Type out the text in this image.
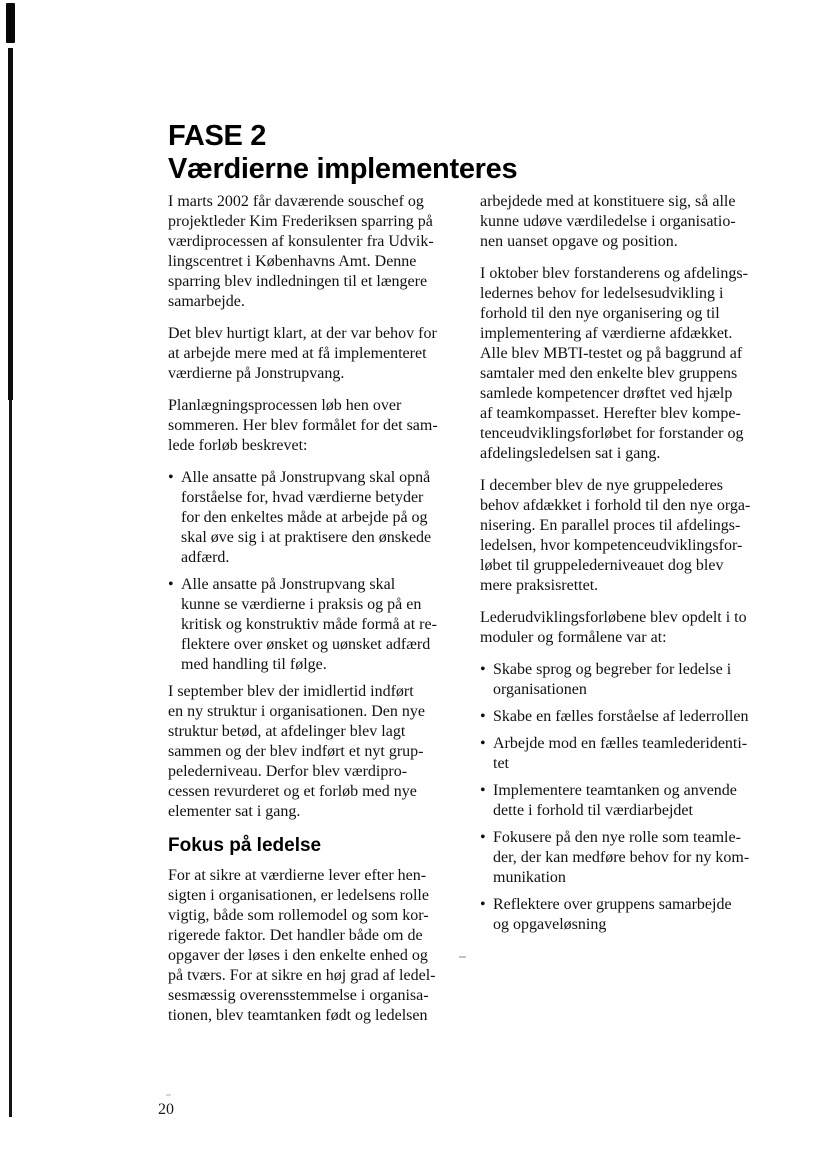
FASE 2
Værdierne implementeres

I marts 2002 får daværende souschef og
projektleder Kim Frederiksen sparring på
værdiprocessen af konsulenter fra Udvik-
lingscentret i Københavns Amt. Denne
sparring blev indledningen til et længere
samarbejde.

Det blev hurtigt klart, at der var behov for
at arbejde mere med at få implementeret
værdierne på Jonstrupvang.

Planlægningsprocessen løb hen over
sommeren. Her blev formålet for det sam-
lede forløb beskrevet:

• Alle ansatte på Jonstrupvang skal opnå
forståelse for, hvad værdierne betyder
for den enkeltes måde at arbejde på og
skal øve sig i at praktisere den ønskede
adfærd.
• Alle ansatte på Jonstrupvang skal
kunne se værdierne i praksis og på en
kritisk og konstruktiv måde formå at re-
flektere over ønsket og uønsket adfærd
med handling til følge.

I september blev der imidlertid indført
en ny struktur i organisationen. Den nye
struktur betød, at afdelinger blev lagt
sammen og der blev indført et nyt grup-
pelederniveau. Derfor blev værdipro-
cessen revurderet og et forløb med nye
elementer sat i gang.

Fokus på ledelse

For at sikre at værdierne lever efter hen-
sigten i organisationen, er ledelsens rolle
vigtig, både som rollemodel og som kor-
rigerede faktor. Det handler både om de
opgaver der løses i den enkelte enhed og
på tværs. For at sikre en høj grad af ledel-
sesmæssig overensstemmelse i organisa-
tionen, blev teamtanken født og ledelsen

arbejdede med at konstituere sig, så alle
kunne udøve værdiledelse i organisatio-
nen uanset opgave og position.

I oktober blev forstanderens og afdelings-
ledernes behov for ledelsesudvikling i
forhold til den nye organisering og til
implementering af værdierne afdækket.
Alle blev MBTI-testet og på baggrund af
samtaler med den enkelte blev gruppens
samlede kompetencer drøftet ved hjælp
af teamkompasset. Herefter blev kompe-
tenceudviklingsforløbet for forstander og
afdelingsledelsen sat i gang.

I december blev de nye gruppelederes
behov afdækket i forhold til den nye orga-
nisering. En parallel proces til afdelings-
ledelsen, hvor kompetenceudviklingsfor-
løbet til gruppelederniveauet dog blev
mere praksisrettet.

Lederudviklingsforløbene blev opdelt i to
moduler og formålene var at:

• Skabe sprog og begreber for ledelse i
organisationen
• Skabe en fælles forståelse af lederrollen
• Arbejde mod en fælles teamlederidenti-
tet
• Implementere teamtanken og anvende
dette i forhold til værdiarbejdet
• Fokusere på den nye rolle som teamle-
der, der kan medføre behov for ny kom-
munikation
• Reflektere over gruppens samarbejde
og opgaveløsning
20
